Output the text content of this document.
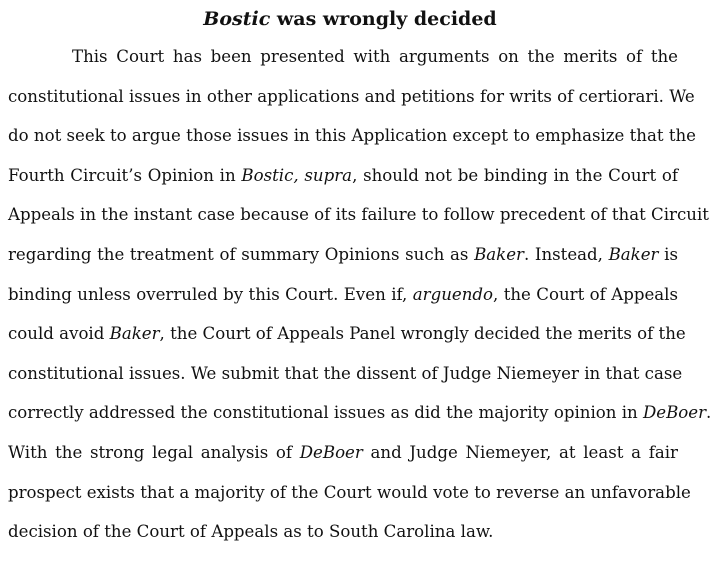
Bostic was wrongly decided
This Court has been presented with arguments on the merits of the
constitutional issues in other applications and petitions for writs of certiorari. We
do not seek to argue those issues in this Application except to emphasize that the
Fourth Circuit’s Opinion in Bostic, supra, should not be binding in the Court of
Appeals in the instant case because of its failure to follow precedent of that Circuit
regarding the treatment of summary Opinions such as Baker. Instead, Baker is
binding unless overruled by this Court. Even if, arguendo, the Court of Appeals
could avoid Baker, the Court of Appeals Panel wrongly decided the merits of the
constitutional issues. We submit that the dissent of Judge Niemeyer in that case
correctly addressed the constitutional issues as did the majority opinion in DeBoer.
With the strong legal analysis of DeBoer and Judge Niemeyer, at least a fair
prospect exists that a majority of the Court would vote to reverse an unfavorable
decision of the Court of Appeals as to South Carolina law.
